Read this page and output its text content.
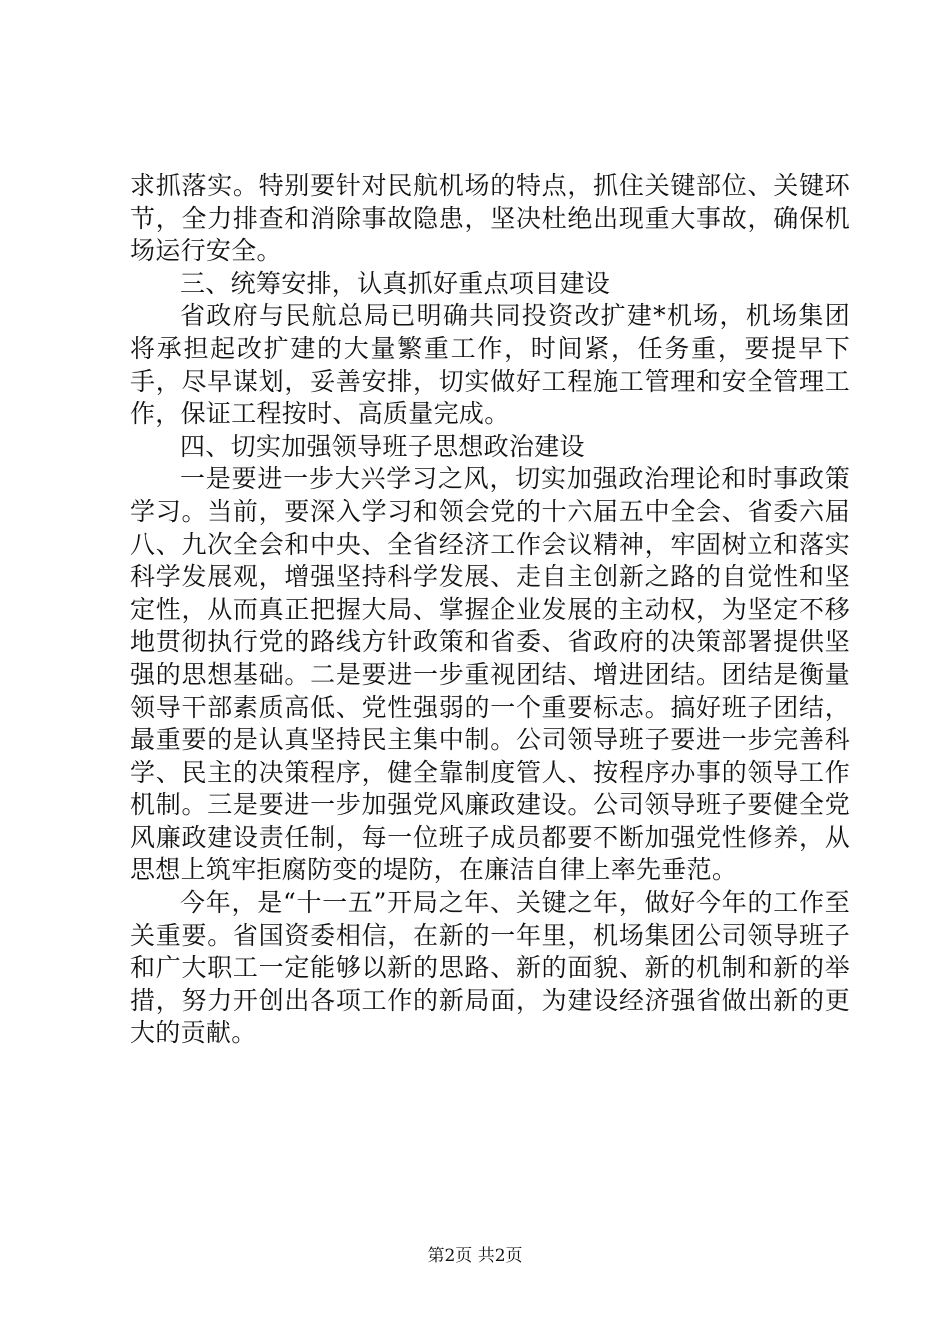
求抓落实。特别要针对民航机场的特点，抓住关键部位、关键环节，全力排查和消除事故隐患，坚决杜绝出现重大事故，确保机场运行安全。

三、统筹安排，认真抓好重点项目建设

省政府与民航总局已明确共同投资改扩建*机场，机场集团将承担起改扩建的大量繁重工作，时间紧，任务重，要提早下手，尽早谋划，妥善安排，切实做好工程施工管理和安全管理工作，保证工程按时、高质量完成。

四、切实加强领导班子思想政治建设

一是要进一步大兴学习之风，切实加强政治理论和时事政策学习。当前，要深入学习和领会党的十六届五中全会、省委六届八、九次全会和中央、全省经济工作会议精神，牢固树立和落实科学发展观，增强坚持科学发展、走自主创新之路的自觉性和坚定性，从而真正把握大局、掌握企业发展的主动权，为坚定不移地贯彻执行党的路线方针政策和省委、省政府的决策部署提供坚强的思想基础。二是要进一步重视团结、增进团结。团结是衡量领导干部素质高低、党性强弱的一个重要标志。搞好班子团结，最重要的是认真坚持民主集中制。公司领导班子要进一步完善科学、民主的决策程序，健全靠制度管人、按程序办事的领导工作机制。三是要进一步加强党风廉政建设。公司领导班子要健全党风廉政建设责任制，每一位班子成员都要不断加强党性修养，从思想上筑牢拒腐防变的堤防，在廉洁自律上率先垂范。

今年，是“十一五”开局之年、关键之年，做好今年的工作至关重要。省国资委相信，在新的一年里，机场集团公司领导班子和广大职工一定能够以新的思路、新的面貌、新的机制和新的举措，努力开创出各项工作的新局面，为建设经济强省做出新的更大的贡献。

第2页 共2页
